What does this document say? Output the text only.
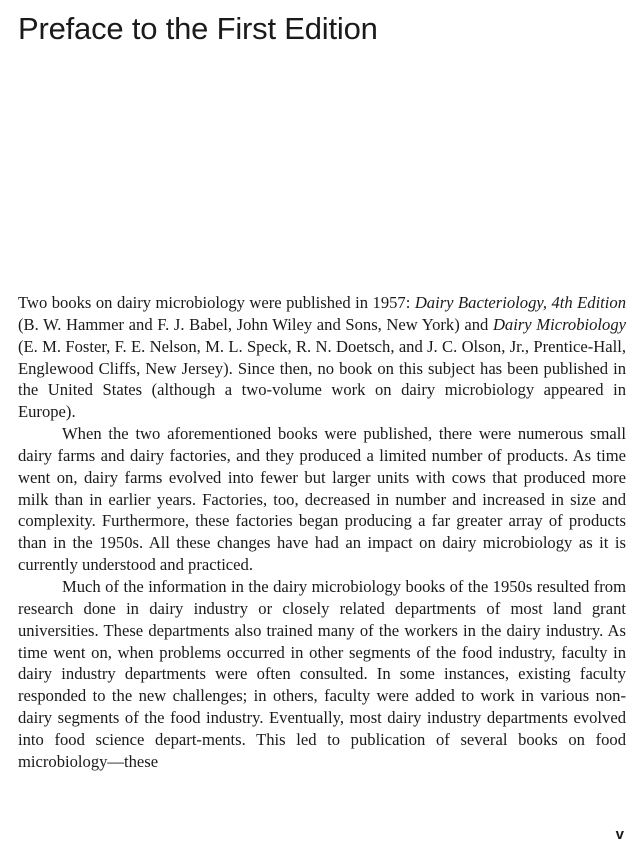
Preface to the First Edition

Two books on dairy microbiology were published in 1957: Dairy Bacteriology, 4th Edition (B. W. Hammer and F. J. Babel, John Wiley and Sons, New York) and Dairy Microbiology (E. M. Foster, F. E. Nelson, M. L. Speck, R. N. Doetsch, and J. C. Olson, Jr., Prentice-Hall, Englewood Cliffs, New Jersey). Since then, no book on this subject has been published in the United States (although a two-volume work on dairy microbiology appeared in Europe).

When the two aforementioned books were published, there were numerous small dairy farms and dairy factories, and they produced a limited number of products. As time went on, dairy farms evolved into fewer but larger units with cows that produced more milk than in earlier years. Factories, too, decreased in number and increased in size and complexity. Furthermore, these factories began producing a far greater array of products than in the 1950s. All these changes have had an impact on dairy microbiology as it is currently understood and practiced.

Much of the information in the dairy microbiology books of the 1950s resulted from research done in dairy industry or closely related departments of most land grant universities. These departments also trained many of the workers in the dairy industry. As time went on, when problems occurred in other segments of the food industry, faculty in dairy industry departments were often consulted. In some instances, existing faculty responded to the new challenges; in others, faculty were added to work in various non-dairy segments of the food industry. Eventually, most dairy industry departments evolved into food science depart-ments. This led to publication of several books on food microbiology—these

v
